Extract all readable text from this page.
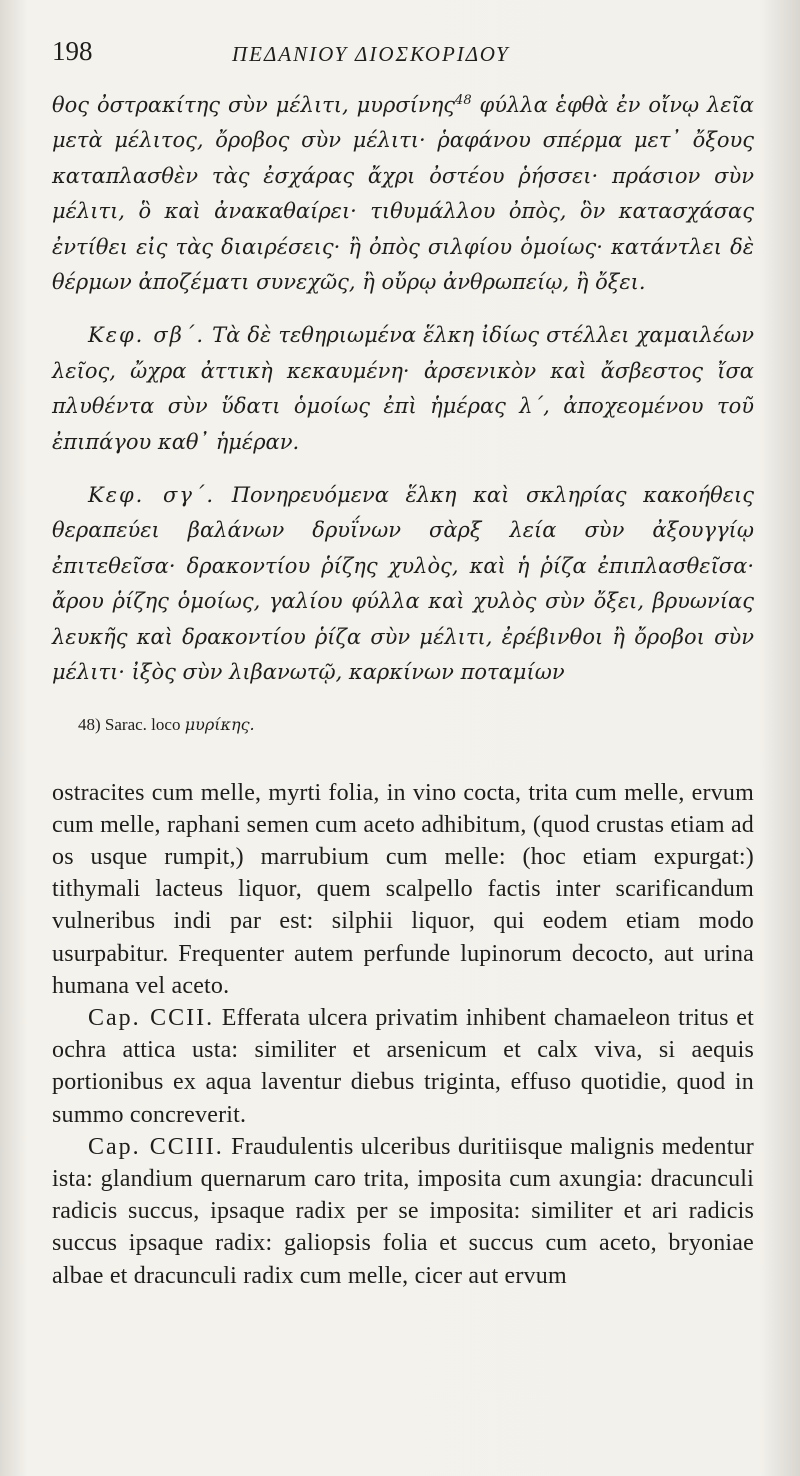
198	ΠΕΔΑΝΙΟΥ ΔΙΟΣΚΟΡΙΔΟΥ

θος ὀστρακίτης σὺν μέλιτι, μυρσίνης$^{48}$ φύλλα ἑφθὰ ἐν οἴνῳ λεῖα μετὰ μέλιτος, ὄροβος σὺν μέλιτι· ῥαφάνου σπέρμα μετ᾽ ὄξους καταπλασθὲν τὰς ἐσχάρας ἄχρι ὀστέου ῥήσσει· πράσιον σὺν μέλιτι, ὃ καὶ ἀνακαθαίρει· τιθυμάλλου ὀπὸς, ὃν κατασχάσας ἐντίθει εἰς τὰς διαιρέσεις· ἢ ὀπὸς σιλφίου ὁμοίως· κατάντλει δὲ θέρμων ἀποζέματι συνεχῶς, ἢ οὔρῳ ἀνθρωπείῳ, ἢ ὄξει.

Κεφ. σβ΄. Τὰ δὲ τεθηριωμένα ἕλκη ἰδίως στέλλει χαμαιλέων λεῖος, ὤχρα ἀττικὴ κεκαυμένη· ἀρσενικὸν καὶ ἄσβεστος ἴσα πλυθέντα σὺν ὕδατι ὁμοίως ἐπὶ ἡμέρας λ΄, ἀποχεομένου τοῦ ἐπιπάγου καθ᾽ ἡμέραν.

Κεφ. σγ΄. Πονηρευόμενα ἕλκη καὶ σκληρίας κακοήθεις θεραπεύει βαλάνων δρυΐνων σὰρξ λεία σὺν ἀξουγγίῳ ἐπιτεθεῖσα· δρακοντίου ῥίζης χυλὸς, καὶ ἡ ῥίζα ἐπιπλασθεῖσα· ἄρου ῥίζης ὁμοίως, γαλίου φύλλα καὶ χυλὸς σὺν ὄξει, βρυωνίας λευκῆς καὶ δρακοντίου ῥίζα σὺν μέλιτι, ἐρέβινθοι ἢ ὄροβοι σὺν μέλιτι· ἰξὸς σὺν λιβανωτῷ, καρκίνων ποταμίων

48) Sarac. loco μυρίκης.

ostracites cum melle, myrti folia, in vino cocta, trita cum melle, ervum cum melle, raphani semen cum aceto adhibitum, (quod crustas etiam ad os usque rumpit,) marrubium cum melle: (hoc etiam expurgat:) tithymali lacteus liquor, quem scalpello factis inter scarificandum vulneribus indi par est: silphii liquor, qui eodem etiam modo usurpabitur. Frequenter autem perfunde lupinorum decocto, aut urina humana vel aceto.

Cap. CCII. Efferata ulcera privatim inhibent chamaeleon tritus et ochra attica usta: similiter et arsenicum et calx viva, si aequis portionibus ex aqua laventur diebus triginta, effuso quotidie, quod in summo concreverit.

Cap. CCIII. Fraudulentis ulceribus duritiisque malignis medentur ista: glandium quernarum caro trita, imposita cum axungia: dracunculi radicis succus, ipsaque radix per se imposita: similiter et ari radicis succus ipsaque radix: galiopsis folia et succus cum aceto, bryoniae albae et dracunculi radix cum melle, cicer aut ervum
